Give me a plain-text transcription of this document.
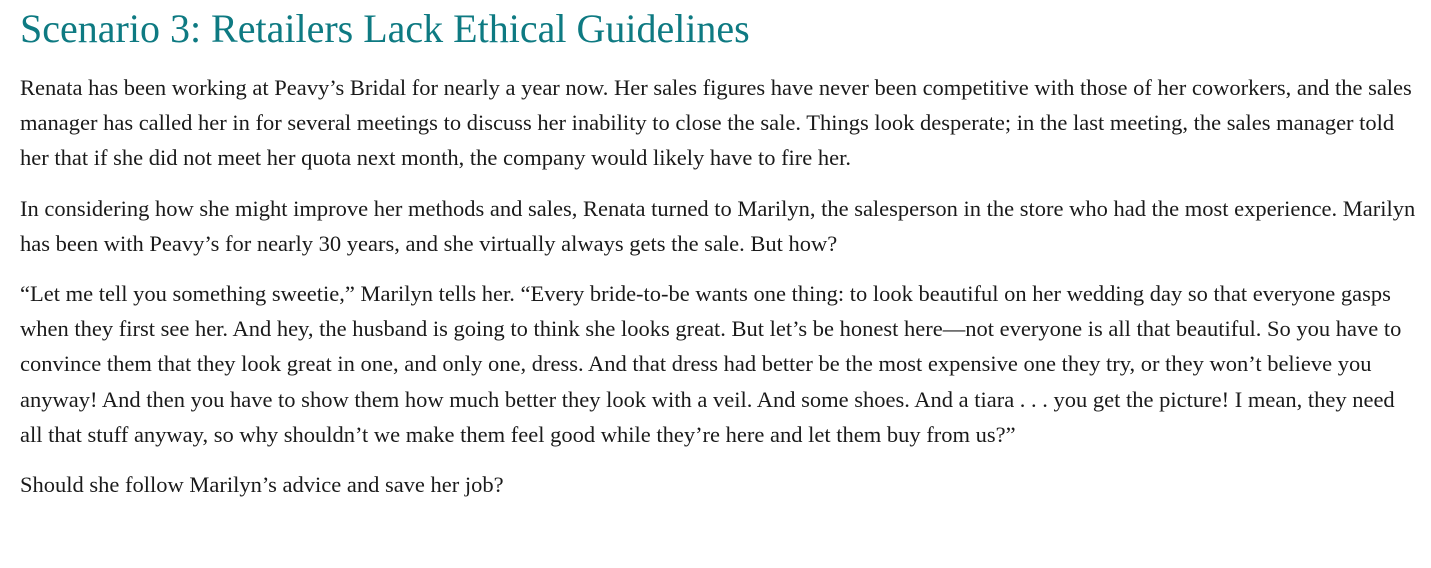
Scenario 3: Retailers Lack Ethical Guidelines

Renata has been working at Peavy’s Bridal for nearly a year now. Her sales figures have never been competitive with those of her coworkers, and the sales manager has called her in for several meetings to discuss her inability to close the sale. Things look desperate; in the last meeting, the sales manager told her that if she did not meet her quota next month, the company would likely have to fire her.

In considering how she might improve her methods and sales, Renata turned to Marilyn, the salesperson in the store who had the most experience. Marilyn has been with Peavy’s for nearly 30 years, and she virtually always gets the sale. But how?

“Let me tell you something sweetie,” Marilyn tells her. “Every bride-to-be wants one thing: to look beautiful on her wedding day so that everyone gasps when they first see her. And hey, the husband is going to think she looks great. But let’s be honest here—not everyone is all that beautiful. So you have to convince them that they look great in one, and only one, dress. And that dress had better be the most expensive one they try, or they won’t believe you anyway! And then you have to show them how much better they look with a veil. And some shoes. And a tiara . . . you get the picture! I mean, they need all that stuff anyway, so why shouldn’t we make them feel good while they’re here and let them buy from us?”

Should she follow Marilyn’s advice and save her job?
